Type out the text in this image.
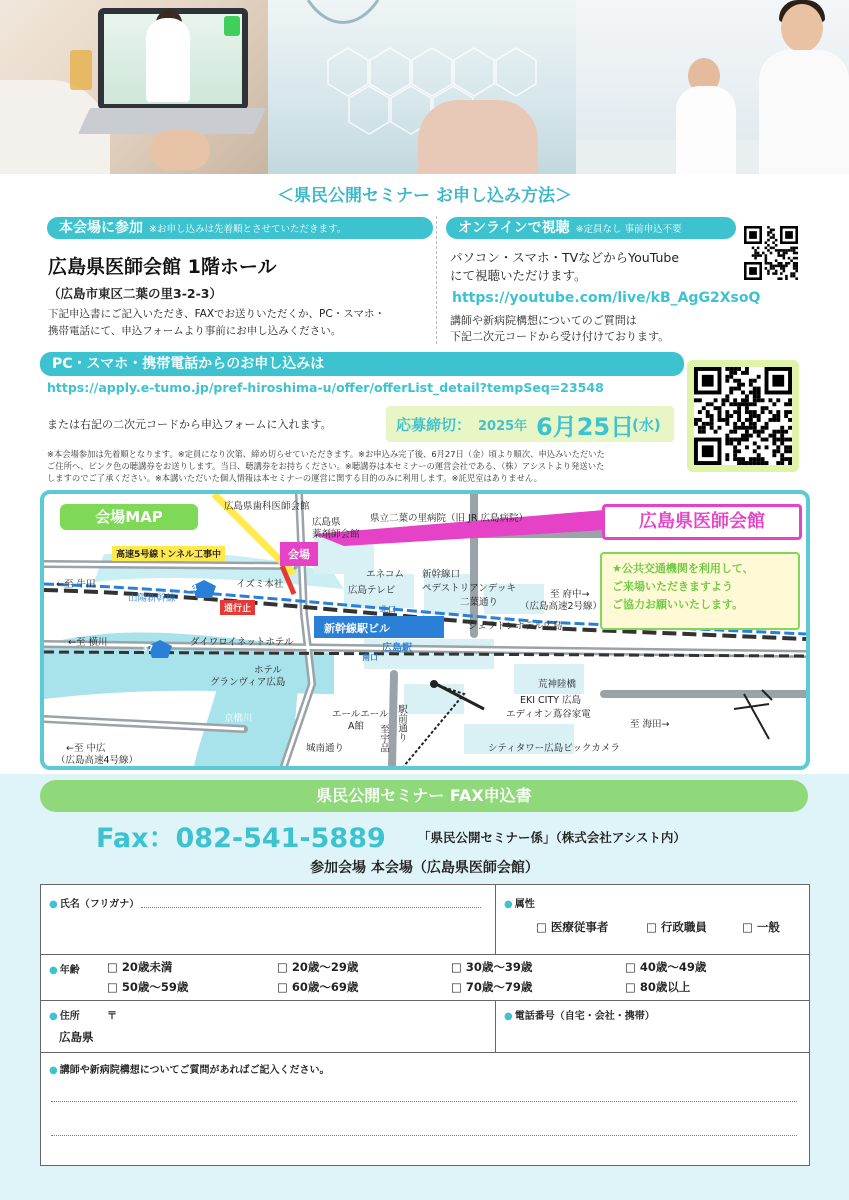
＜県民公開セミナー お申し込み方法＞
本会場に参加 ※お申し込みは先着順とさせていただきます。
広島県医師会館 1階ホール
（広島市東区二葉の里3-2-3）
下記申込書にご記入いただき、FAXでお送りいただくか、PC・スマホ・
携帯電話にて、申込フォームより事前にお申し込みください。
オンラインで視聴 ※定員なし 事前申込不要
パソコン・スマホ・TVなどからYouTube
にて視聴いただけます。
https://youtube.com/live/kB_AgG2XsoQ
講師や新病院構想についてのご質問は
下記二次元コードから受け付けております。
PC・スマホ・携帯電話からのお申し込みは
https://apply.e-tumo.jp/pref-hiroshima-u/offer/offerList_detail?tempSeq=23548
または右記の二次元コードから申込フォームに入れます。	応募締切： 2025年 6月25日
(水)
※本会場参加は先着順となります。※定員になり次第、締め切らせていただきます。※お申込み完了後、6月27日（金）頃より順次、申込みいただいた
ご住所へ、ピンク色の聴講券をお送りします。当日、聴講券をお持ちください。※聴講券は本セミナーの運営会社である、（株）アシストより発送いた
しますのでご了承ください。※本講いただいた個人情報は本セミナーの運営に関する目的のみに利用します。※託児室はありません。
会場MAP	広島県医師会館
★公共交通機関を利用して、
ご来場いただきますよう
ご協力お願いいたします。
会場
高速5号線トンネル工事中
通行止
84
37
新幹線駅ビル
北口
南口
広島駅
広島県歯科医師会館
広島県
薬剤師会館
県立二葉の里病院（旧 JR 広島病院）
←至 牛田	イズミ本社
エネコム
広島テレビ
新幹線口
ペデストリアンデッキ
二葉通り
至 府中→
（広島高速2号線）
山陽新幹線
シェラトンホテル広島
ダイワロイネットホテル
←至 横川
ホテル
グランヴィア広島	荒神陸橋
EKI CITY 広島
エディオン蔦谷家電
至 海田→
京橋川	エールエール
A館 至宇品 駅前通り
シティタワー広島ビックカメラ
←至 中広
（広島高速4号線）
城南通り
県民公開セミナー FAX申込書
Fax：082-541-5889	「県民公開セミナー係」（株式会社アシスト内）
参加会場 本会場（広島県医師会館）
● 氏名（フリガナ）	● 属性
□ 医療従事者	□ 行政職員	□ 一般
● 年齢 □ 20歳未満	□ 20歳～29歳	□ 30歳～39歳	□ 40歳～49歳
□ 50歳～59歳	□ 60歳～69歳	□ 70歳～79歳	□ 80歳以上
● 住所	〒
広島県
● 電話番号（自宅・会社・携帯）
● 講師や新病院構想についてご質問があればご記入ください。
